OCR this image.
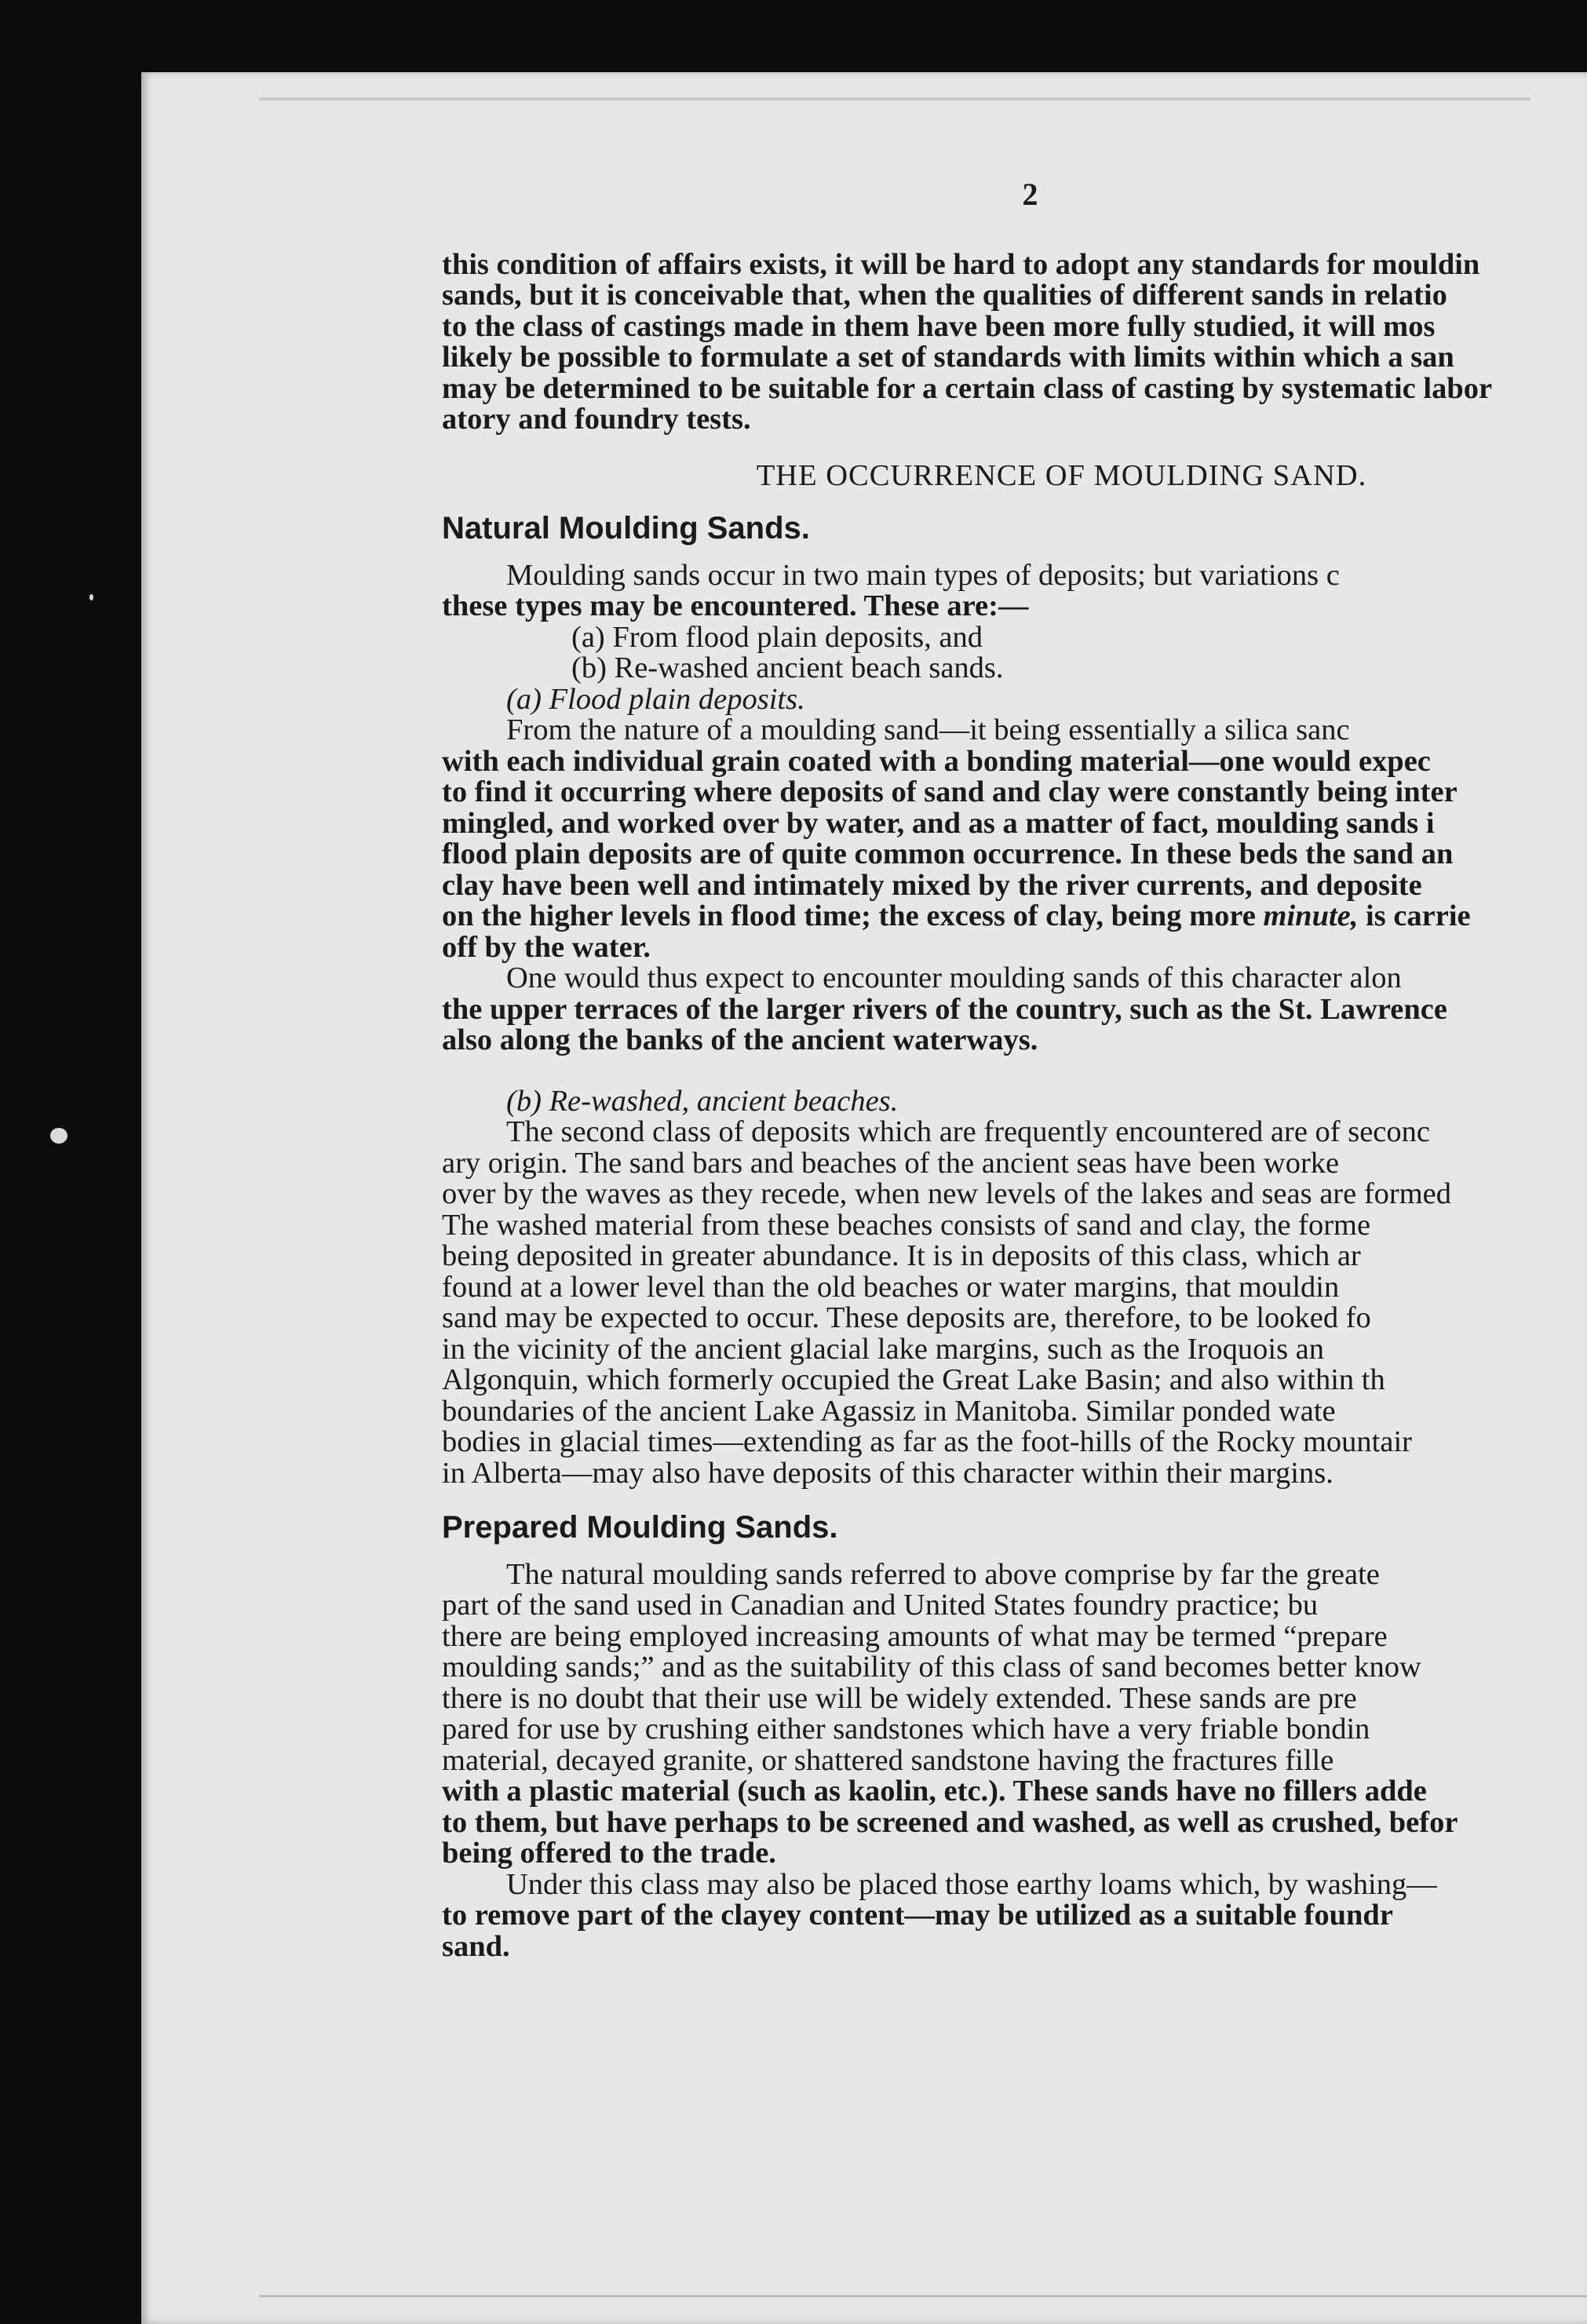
2
this condition of affairs exists, it will be hard to adopt any standards for mouldin
sands, but it is conceivable that, when the qualities of different sands in relatio
to the class of castings made in them have been more fully studied, it will mos
likely be possible to formulate a set of standards with limits within which a san
may be determined to be suitable for a certain class of casting by systematic labor
atory and foundry tests.
THE OCCURRENCE OF MOULDING SAND.
Natural Moulding Sands.
Moulding sands occur in two main types of deposits; but variations c
these types may be encountered. These are:—
(a) From flood plain deposits, and
(b) Re-washed ancient beach sands.
(a) Flood plain deposits.
From the nature of a moulding sand—it being essentially a silica sanc
with each individual grain coated with a bonding material—one would expec
to find it occurring where deposits of sand and clay were constantly being inter
mingled, and worked over by water, and as a matter of fact, moulding sands i
flood plain deposits are of quite common occurrence. In these beds the sand an
clay have been well and intimately mixed by the river currents, and deposite
on the higher levels in flood time; the excess of clay, being more minute, is carrie
off by the water.
One would thus expect to encounter moulding sands of this character alon
the upper terraces of the larger rivers of the country, such as the St. Lawrence
also along the banks of the ancient waterways.
(b) Re-washed, ancient beaches.
The second class of deposits which are frequently encountered are of seconc
ary origin. The sand bars and beaches of the ancient seas have been worke
over by the waves as they recede, when new levels of the lakes and seas are formed
The washed material from these beaches consists of sand and clay, the forme
being deposited in greater abundance. It is in deposits of this class, which ar
found at a lower level than the old beaches or water margins, that mouldin
sand may be expected to occur. These deposits are, therefore, to be looked fo
in the vicinity of the ancient glacial lake margins, such as the Iroquois an
Algonquin, which formerly occupied the Great Lake Basin; and also within th
boundaries of the ancient Lake Agassiz in Manitoba. Similar ponded wate
bodies in glacial times—extending as far as the foot-hills of the Rocky mountair
in Alberta—may also have deposits of this character within their margins.
Prepared Moulding Sands.
The natural moulding sands referred to above comprise by far the greate
part of the sand used in Canadian and United States foundry practice; bu
there are being employed increasing amounts of what may be termed “prepare
moulding sands;” and as the suitability of this class of sand becomes better know
there is no doubt that their use will be widely extended. These sands are pre
pared for use by crushing either sandstones which have a very friable bondin
material, decayed granite, or shattered sandstone having the fractures fille
with a plastic material (such as kaolin, etc.). These sands have no fillers adde
to them, but have perhaps to be screened and washed, as well as crushed, befor
being offered to the trade.
Under this class may also be placed those earthy loams which, by washing—
to remove part of the clayey content—may be utilized as a suitable foundr
sand.
